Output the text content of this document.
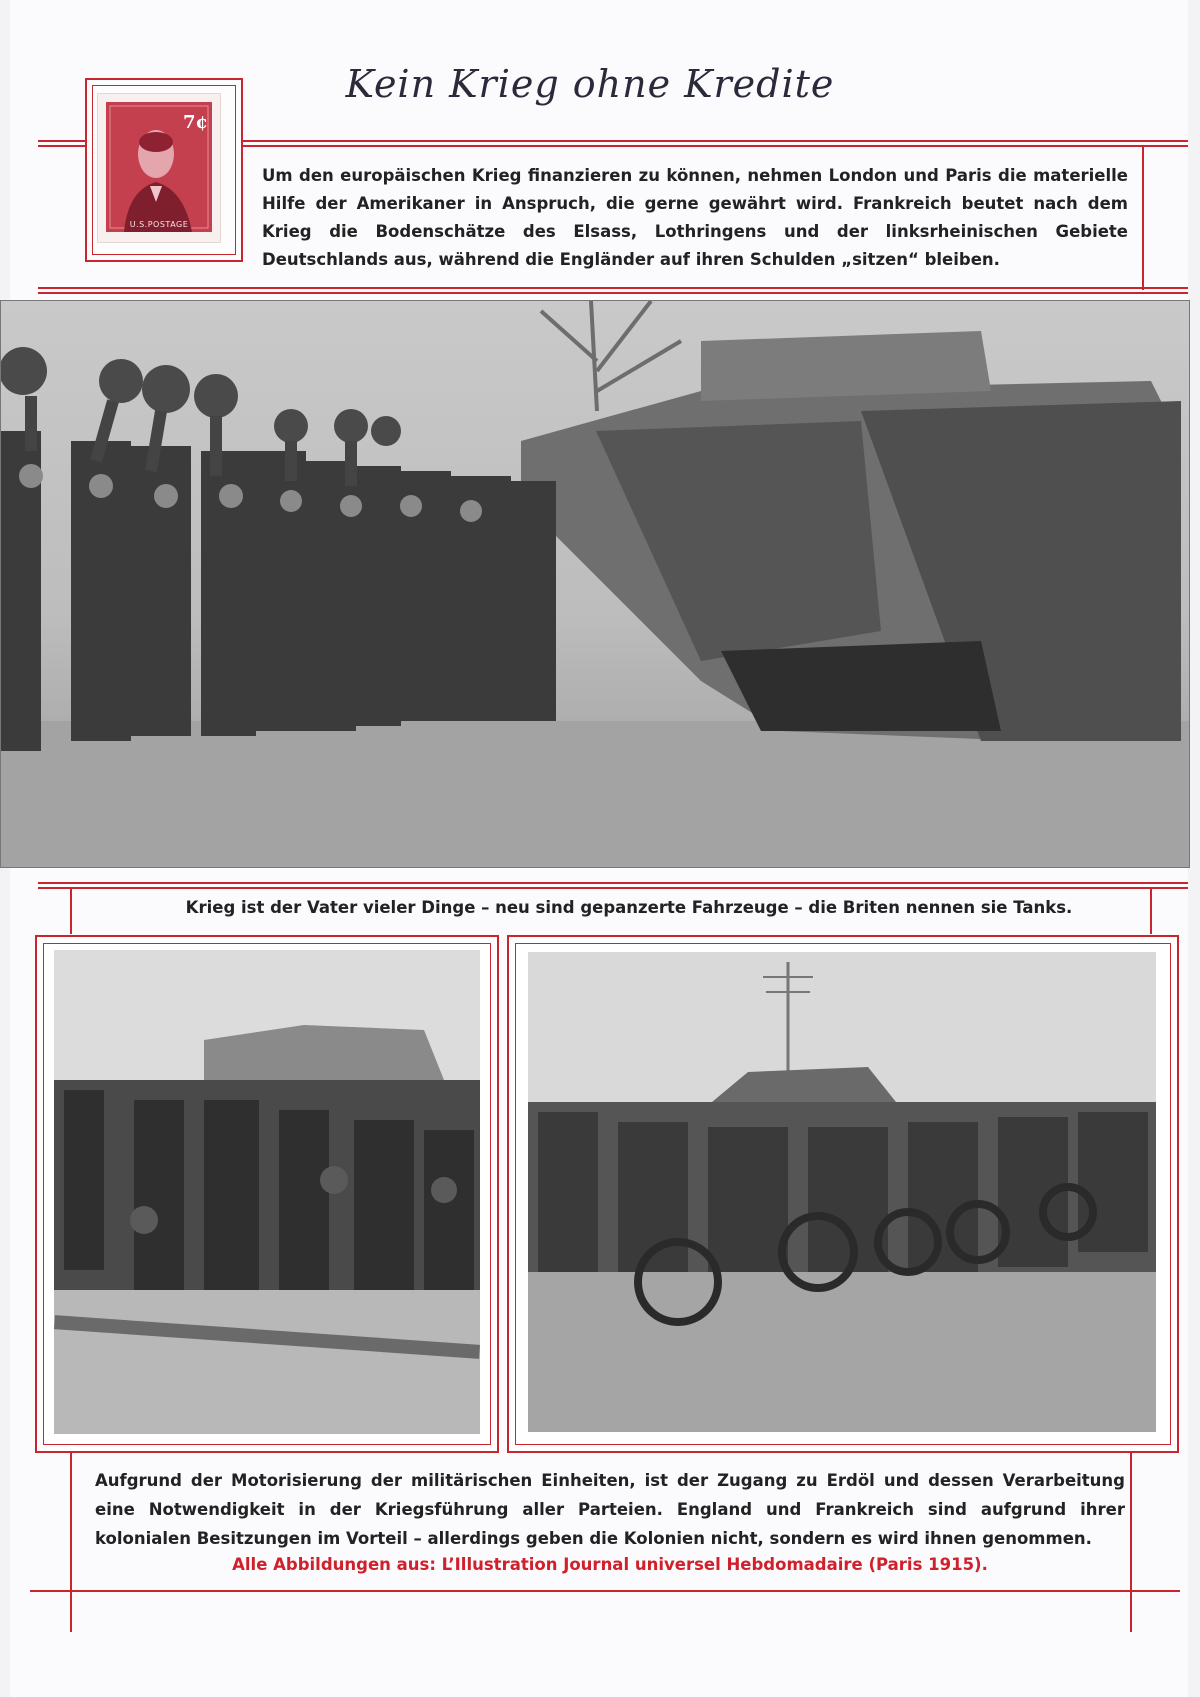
Kein Krieg ohne Kredite
7¢
U.S.POSTAGE
Um den europäischen Krieg finanzieren zu können, nehmen London und Paris die materielle Hilfe der Amerikaner in Anspruch, die gerne gewährt wird. Frankreich beutet nach dem Krieg die Bodenschätze des Elsass, Lothringens und der linksrheinischen Gebiete Deutschlands aus, während die Engländer auf ihren Schulden „sitzen“ bleiben.
Krieg ist der Vater vieler Dinge – neu sind gepanzerte Fahrzeuge – die Briten nennen sie Tanks.
Aufgrund der Motorisierung der militärischen Einheiten, ist der Zugang zu Erdöl und dessen Verarbeitung eine Notwendigkeit in der Kriegsführung aller Parteien. England und Frankreich sind aufgrund ihrer kolonialen Besitzungen im Vorteil – allerdings geben die Kolonien nicht, sondern es wird ihnen genommen.
Alle Abbildungen aus: L’Illustration Journal universel Hebdomadaire (Paris 1915).
